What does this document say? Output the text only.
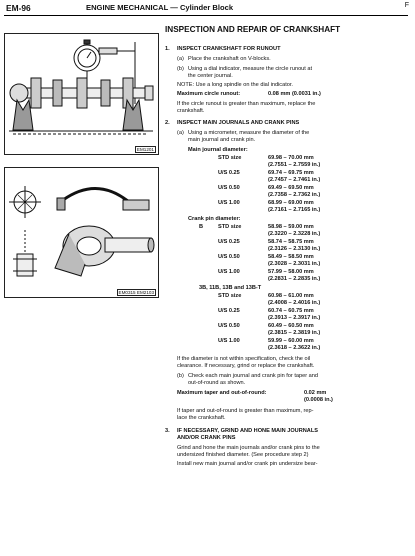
EM-96	ENGINE MECHANICAL — Cylinder Block	F
EM1201
EM0315 EM2103
INSPECTION AND REPAIR OF CRANKSHAFT
1. INSPECT CRANKSHAFT FOR RUNOUT
(a) Place the crankshaft on V-blocks.
(b) Using a dial indicator, measure the circle runout at
the center journal.
NOTE: Use a long spindle on the dial indicator.
Maximum circle runout:	0.08 mm (0.0031 in.)
If the circle runout is greater than maximum, replace the
crankshaft.
2. INSPECT MAIN JOURNALS AND CRANK PINS
(a) Using a micrometer, measure the diameter of the
main journal and crank pin.
Main journal diameter:
STD size	69.98 – 70.00 mm
(2.7551 – 2.7559 in.)
U/S 0.25	69.74 – 69.75 mm
(2.7457 – 2.7461 in.)
U/S 0.50	69.49 – 69.50 mm
(2.7358 – 2.7362 in.)
U/S 1.00	68.99 – 69.00 mm
(2.7161 – 2.7165 in.)
Crank pin diameter:
B	STD size	58.98 – 59.00 mm
(2.3220 – 2.3228 in.)
U/S 0.25	58.74 – 58.75 mm
(2.3126 – 2.3130 in.)
U/S 0.50	58.49 – 58.50 mm
(2.3028 – 2.3031 in.)
U/S 1.00	57.99 – 58.00 mm
(2.2831 – 2.2835 in.)
3B, 11B, 13B and 13B-T
STD size	60.98 – 61.00 mm
(2.4008 – 2.4016 in.)
U/S 0.25	60.74 – 60.75 mm
(2.3913 – 2.3917 in.)
U/S 0.50	60.49 – 60.50 mm
(2.3815 – 2.3819 in.)
U/S 1.00	59.99 – 60.00 mm
(2.3618 – 2.3622 in.)
If the diameter is not within specification, check the oil
clearance. If necessary, grind or replace the crankshaft.
(b) Check each main journal and crank pin for taper and
out-of-round as shown.
Maximum taper and out-of-round:	0.02 mm
(0.0008 in.)
If taper and out-of-round is greater than maximum, rep-
lace the crankshaft.
3. IF NECESSARY, GRIND AND HONE MAIN JOURNALS
AND/OR CRANK PINS
Grind and hone the main journals and/or crank pins to the
undersized finished diameter. (See procedure step 2)
Install new main journal and/or crank pin undersize bear-
